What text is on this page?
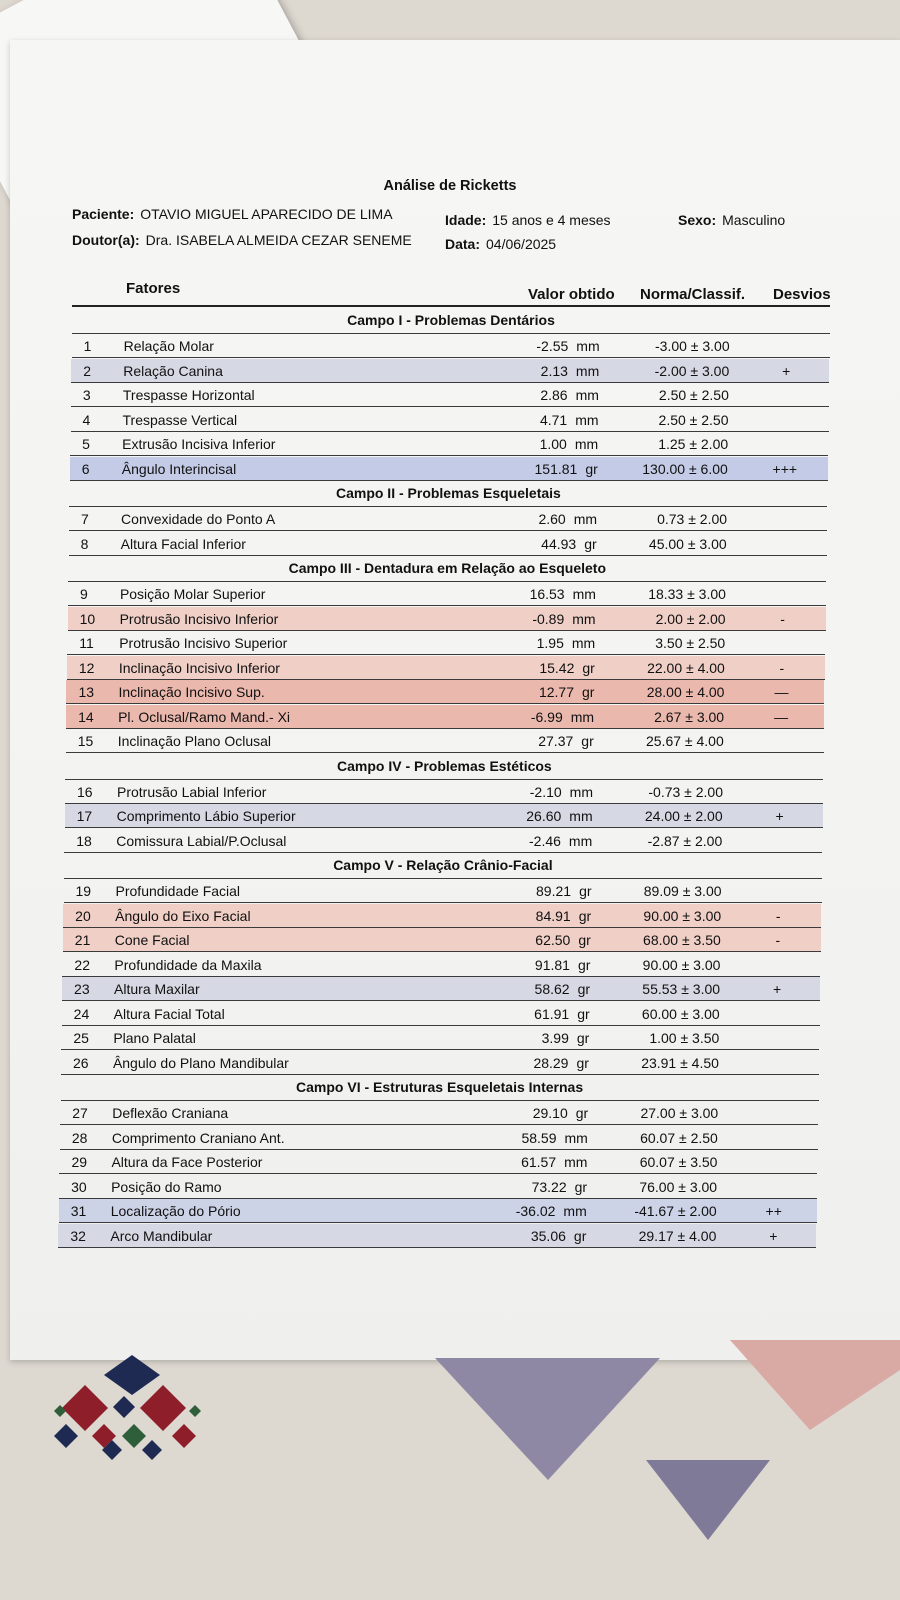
Análise de Ricketts
Paciente: OTAVIO MIGUEL APARECIDO DE LIMA	Idade: 15 anos e 4 meses	Sexo: Masculino
Doutor(a): Dra. ISABELA ALMEIDA CEZAR SENEME Data: 04/06/2025
Fatores	Valor obtido Norma/Classif. Desvios
Campo I - Problemas Dentários
1 Relação Molar	-2.55 mm	-3.00 ± 3.00
2 Relação Canina	2.13 mm	-2.00 ± 3.00	+
3 Trespasse Horizontal	2.86 mm	2.50 ± 2.50
4 Trespasse Vertical	4.71 mm	2.50 ± 2.50
5 Extrusão Incisiva Inferior	1.00 mm	1.25 ± 2.00
6 Ângulo Interincisal	151.81 gr	130.00 ± 6.00	+++
Campo II - Problemas Esqueletais
7 Convexidade do Ponto A	2.60 mm	0.73 ± 2.00
8 Altura Facial Inferior	44.93 gr	45.00 ± 3.00
Campo III - Dentadura em Relação ao Esqueleto
9 Posição Molar Superior	16.53 mm	18.33 ± 3.00
10 Protrusão Incisivo Inferior	-0.89 mm	2.00 ± 2.00	-
11 Protrusão Incisivo Superior	1.95 mm	3.50 ± 2.50
12 Inclinação Incisivo Inferior	15.42 gr	22.00 ± 4.00	-
13 Inclinação Incisivo Sup.	12.77 gr	28.00 ± 4.00	—
14 Pl. Oclusal/Ramo Mand.- Xi	-6.99 mm	2.67 ± 3.00	—
15 Inclinação Plano Oclusal	27.37 gr	25.67 ± 4.00
Campo IV - Problemas Estéticos
16 Protrusão Labial Inferior	-2.10 mm	-0.73 ± 2.00
17 Comprimento Lábio Superior	26.60 mm	24.00 ± 2.00	+
18 Comissura Labial/P.Oclusal	-2.46 mm	-2.87 ± 2.00
Campo V - Relação Crânio-Facial
19 Profundidade Facial	89.21 gr	89.09 ± 3.00
20 Ângulo do Eixo Facial	84.91 gr	90.00 ± 3.00	-
21 Cone Facial	62.50 gr	68.00 ± 3.50	-
22 Profundidade da Maxila	91.81 gr	90.00 ± 3.00
23 Altura Maxilar	58.62 gr	55.53 ± 3.00	+
24 Altura Facial Total	61.91 gr	60.00 ± 3.00
25 Plano Palatal	3.99 gr	1.00 ± 3.50
26 Ângulo do Plano Mandibular	28.29 gr	23.91 ± 4.50
Campo VI - Estruturas Esqueletais Internas
27 Deflexão Craniana	29.10 gr	27.00 ± 3.00
28 Comprimento Craniano Ant.	58.59 mm	60.07 ± 2.50
29 Altura da Face Posterior	61.57 mm	60.07 ± 3.50
30 Posição do Ramo	73.22 gr	76.00 ± 3.00
31 Localização do Pório	-36.02 mm	-41.67 ± 2.00	++
32 Arco Mandibular	35.06 gr	29.17 ± 4.00	+
